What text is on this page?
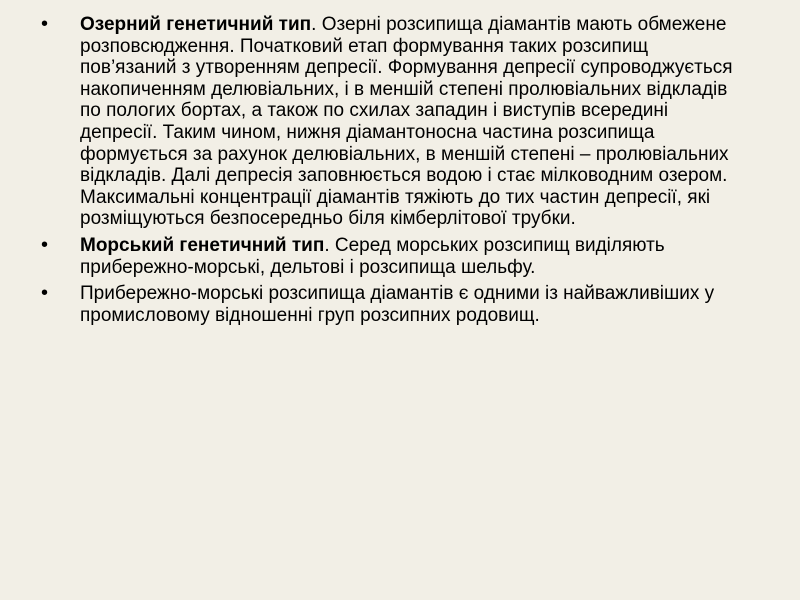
• Озерний генетичний тип. Озерні розсипища діамантів мають обмежене розповсюдження. Початковий етап формування таких розсипищ пов’язаний з утворенням депресії. Формування депресії супроводжується накопиченням делювіальних, і в меншій степені пролювіальних відкладів по пологих бортах, а також по схилах западин і виступів всередині депресії. Таким чином, нижня діамантоносна частина розсипища формується за рахунок делювіальних, в меншій степені – пролювіальних відкладів. Далі депресія заповнюється водою і стає мілководним озером. Максимальні концентрації діамантів тяжіють до тих частин депресії, які розміщуються безпосередньо біля кімберлітової трубки.
• Морський генетичний тип. Серед морських розсипищ виділяють прибережно-морські, дельтові і розсипища шельфу.
• Прибережно-морські розсипища діамантів є одними із найважливіших у промисловому відношенні груп розсипних родовищ.
